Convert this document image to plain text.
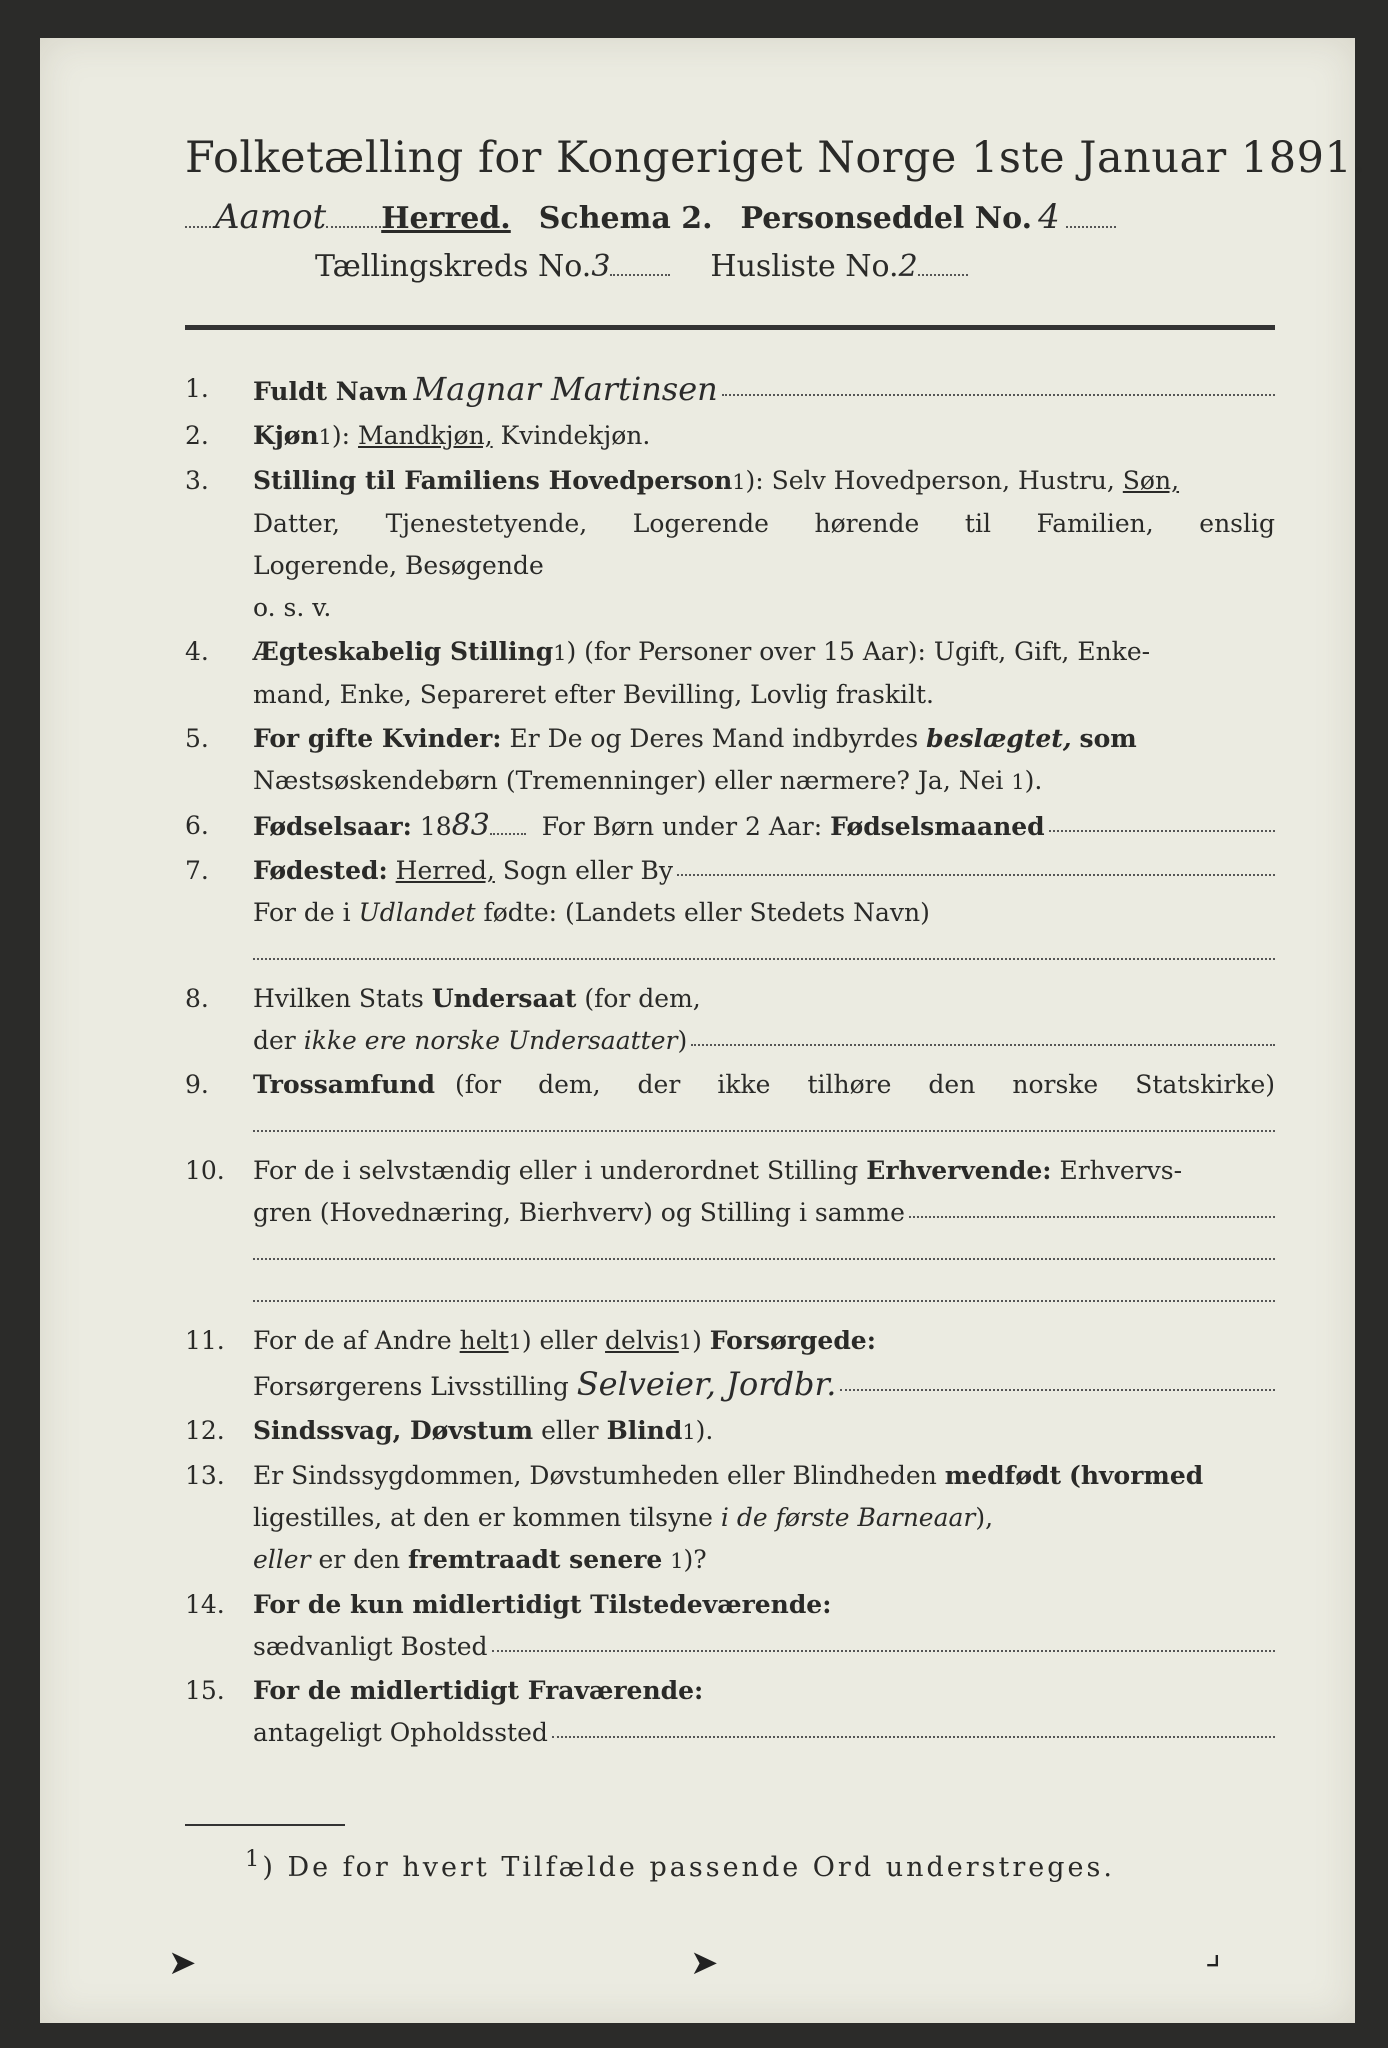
Folketælling for Kongeriget Norge 1ste Januar 1891.
Aamot Herred. Schema 2. Personseddel No. 4
Tællingskreds No. 3	Husliste No. 2
1.	Fuldt Navn Magnar Martinsen
2.	Kjøn 1 ):
Mandkjøn,
Kvindekjøn.
3.	Stilling til Familiens Hovedperson 1 ): Selv Hovedperson, Hustru,
Søn,
Datter, Tjenestetyende, Logerende hørende til Familien, enslig
Logerende, Besøgende
o. s. v.
4.	Ægteskabelig Stilling 1 ) (for Personer over 15 Aar): Ugift, Gift, Enke-
mand, Enke, Separeret efter Bevilling, Lovlig fraskilt.
5.	For gifte Kvinder:
Er De og Deres Mand indbyrdes
beslægtet,
som
Næstsøskendebørn (Tremenninger) eller nærmere? Ja, Nei
1 ).
6.	Fødselsaar:
18 83
For Børn under 2 Aar:
Fødselsmaaned
7.	Fødested:
Herred,
Sogn eller By
For de i
Udlandet
fødte: (Landets eller Stedets Navn)
8.	Hvilken Stats
Undersaat
(for dem,
der
ikke ere norske Undersaatter )
9.	Trossamfund (for dem, der ikke tilhøre den norske Statskirke)
10.	For de i selvstændig eller i underordnet Stilling
Erhvervende:
Erhvervs-
gren (Hovednæring, Bierhverv) og Stilling i samme
11.	For de af Andre
helt 1 ) eller
delvis 1 )
Forsørgede:
Forsørgerens Livsstilling
Selveier, Jordbr.
12.	Sindssvag, Døvstum
eller
Blind 1 ).
13.	Er Sindssygdommen, Døvstumheden eller Blindheden
medfødt
(hvormed
ligestilles, at den er kommen tilsyne
i de første Barneaar ),
eller
er den
fremtraadt senere
1 )?
14.	For de kun midlertidigt Tilstedeværende:
sædvanligt Bosted
15.	For de midlertidigt Fraværende:
antageligt Opholdssted
$^1$) De for hvert Tilfælde passende Ord understreges.
➤	➤	⌟
